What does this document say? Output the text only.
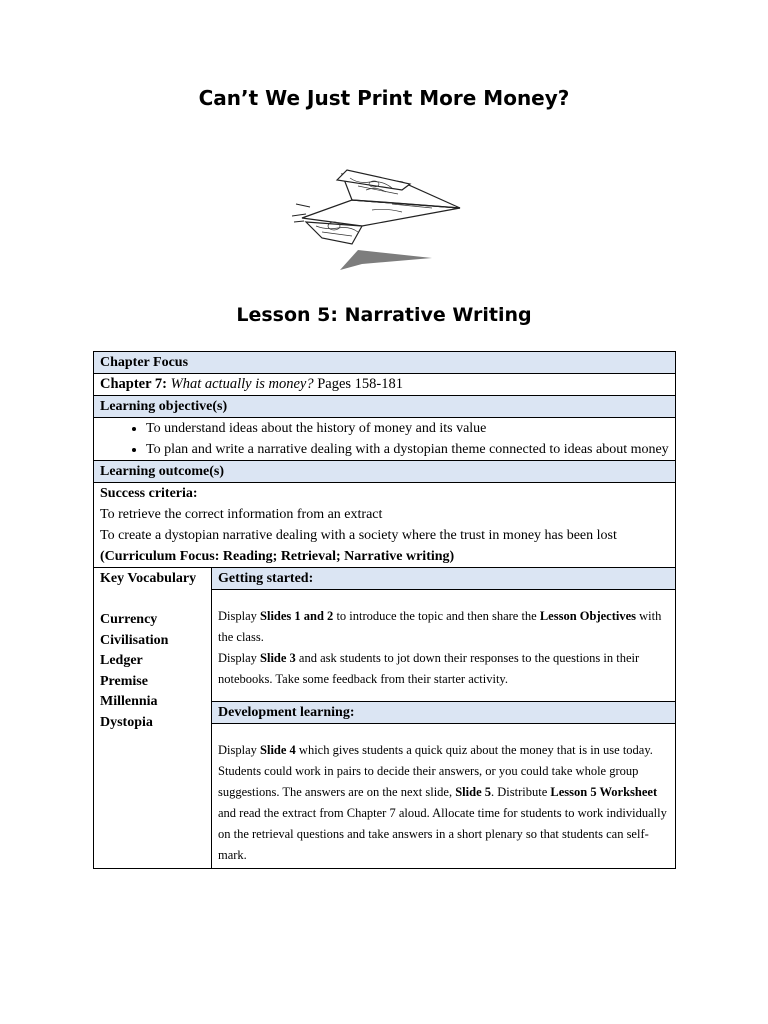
Can’t We Just Print More Money?
Lesson 5: Narrative Writing
Chapter Focus
Chapter 7: What actually is money? Pages 158-181
Learning objective(s)

• To understand ideas about the history of money and its value
• To plan and write a narrative dealing with a dystopian theme connected to ideas about money

Learning outcome(s)

Success criteria:
To retrieve the correct information from an extract
To create a dystopian narrative dealing with a society where the trust in money has been lost
(Curriculum Focus: Reading; Retrieval; Narrative writing)

Key Vocabulary
Currency
Civilisation
Ledger
Premise
Millennia
Dystopia
	Getting started:

Display Slides 1 and 2 to introduce the topic and then share the Lesson Objectives with the class.
Display Slide 3 and ask students to jot down their responses to the questions in their notebooks. Take some feedback from their starter activity.

Development learning:

Display Slide 4 which gives students a quick quiz about the money that is in use today. Students could work in pairs to decide their answers, or you could take whole group suggestions. The answers are on the next slide, Slide 5. Distribute Lesson 5 Worksheet and read the extract from Chapter 7 aloud. Allocate time for students to work individually on the retrieval questions and take answers in a short plenary so that students can self-mark.
